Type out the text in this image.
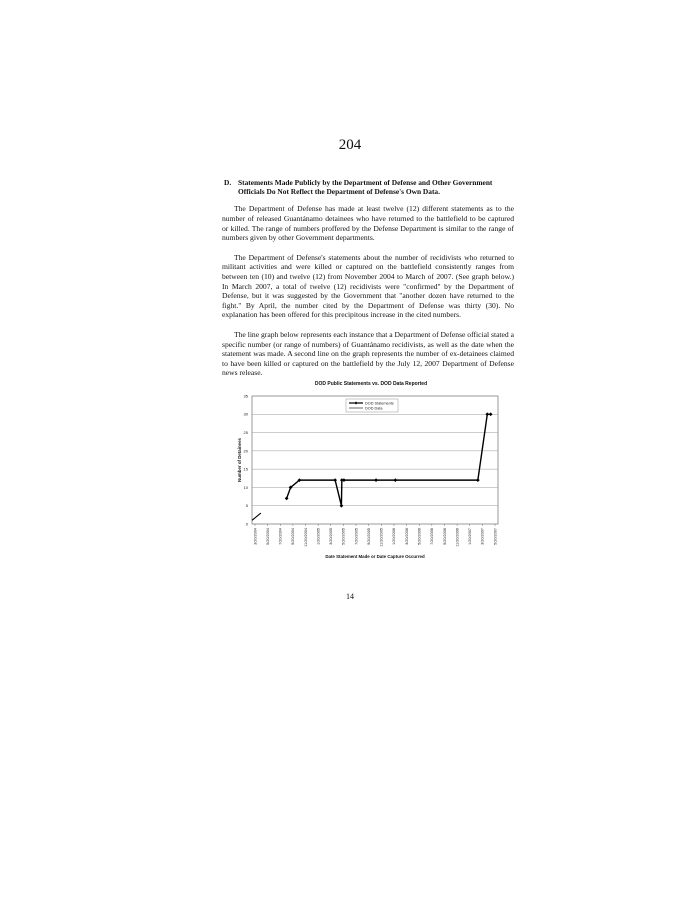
204
D. Statements Made Publicly by the Department of Defense and Other Government Officials Do Not Reflect the Department of Defense's Own Data.

The Department of Defense has made at least twelve (12) different statements as to the number of released Guantánamo detainees who have returned to the battlefield to be captured or killed. The range of numbers proffered by the Defense Department is similar to the range of numbers given by other Government departments.

The Department of Defense's statements about the number of recidivists who returned to militant activities and were killed or captured on the battlefield consistently ranges from between ten (10) and twelve (12) from November 2004 to March of 2007. (See graph below.) In March 2007, a total of twelve (12) recidivists were "confirmed" by the Department of Defense, but it was suggested by the Government that "another dozen have returned to the fight." By April, the number cited by the Department of Defense was thirty (30). No explanation has been offered for this precipitous increase in the cited numbers.

The line graph below represents each instance that a Department of Defense official stated a specific number (or range of numbers) of Guantánamo recidivists, as well as the date when the statement was made. A second line on the graph represents the number of ex-detainees claimed to have been killed or captured on the battlefield by the July 12, 2007 Department of Defense news release.

DOD Public Statements vs. DOD Data Reported
0
5
10
15
20
25
30
35
Number of Detainees
3/20/2004 5/20/2004 7/20/2004 9/20/2004 11/20/2004 1/20/2005 3/20/2005 5/20/2005 7/20/2005 9/20/2005 11/20/2005 1/20/2006 3/20/2006 5/20/2006 7/20/2006 9/20/2006 11/20/2006 1/20/2007 3/20/2007 5/20/2007
Date Statement Made or Date Capture Occurred
DOD Statements
DOD Data
14
